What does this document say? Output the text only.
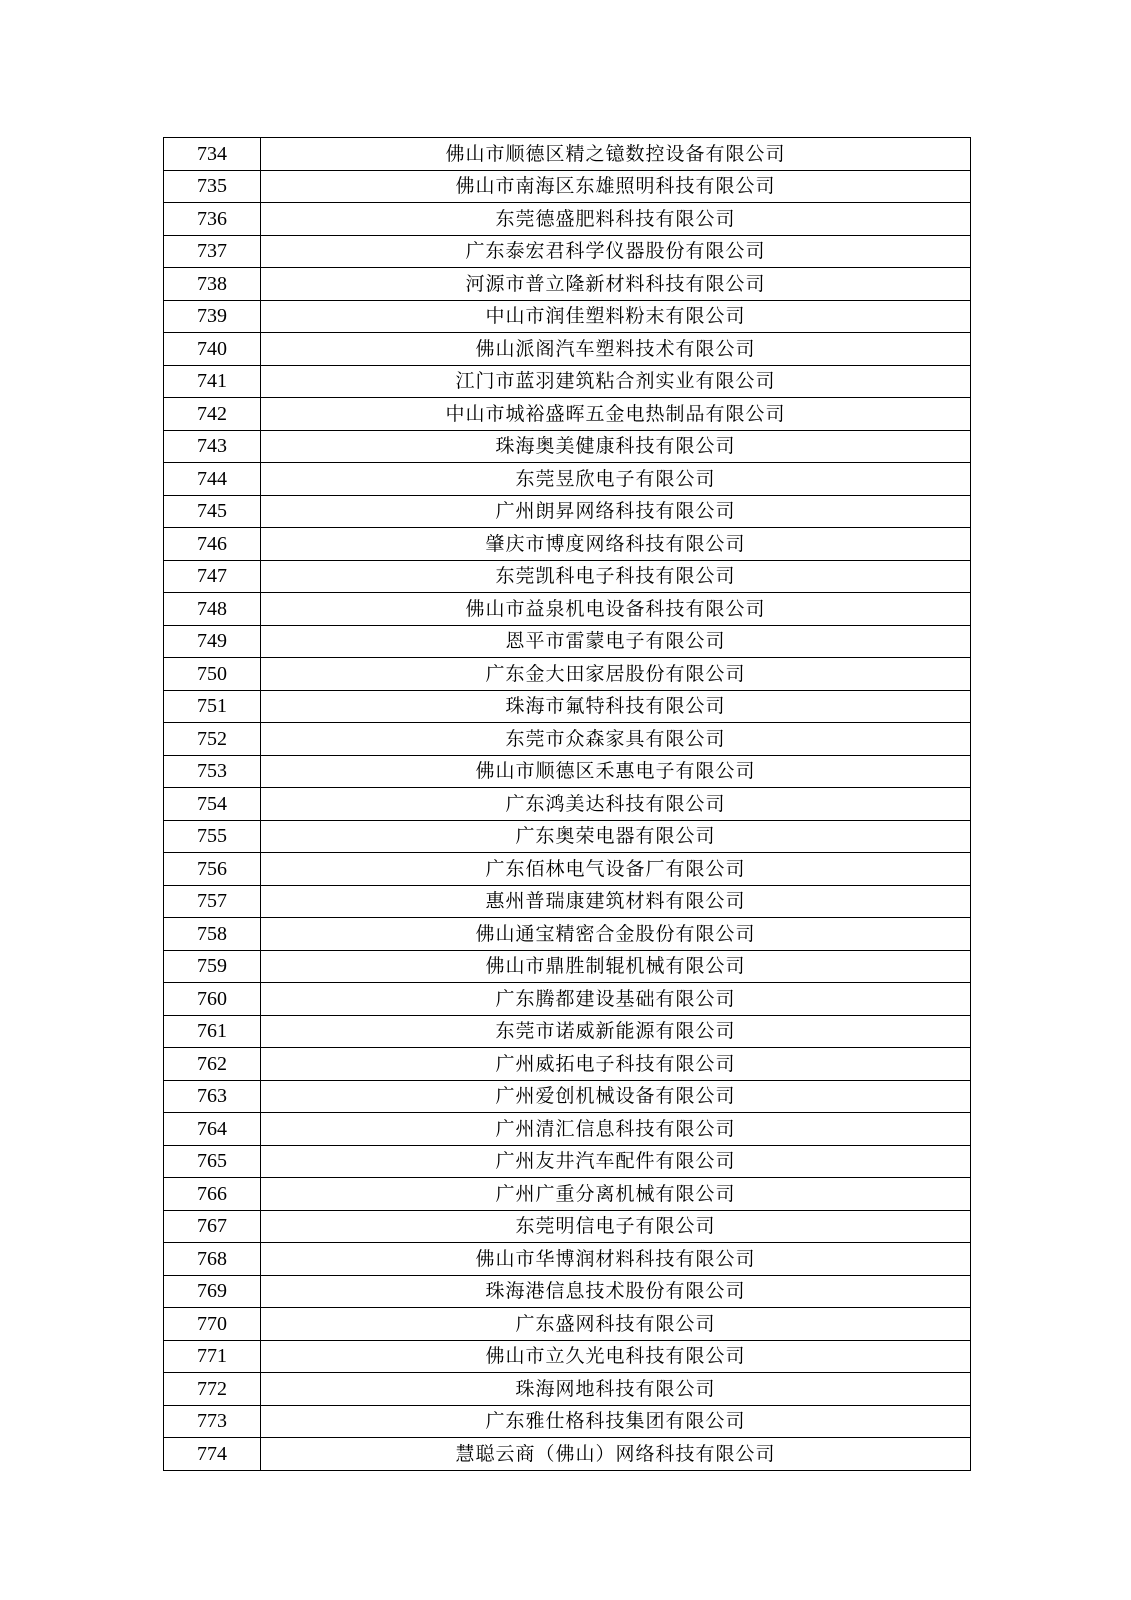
734	佛山市顺德区精之镱数控设备有限公司
735	佛山市南海区东雄照明科技有限公司
736	东莞德盛肥料科技有限公司
737	广东泰宏君科学仪器股份有限公司
738	河源市普立隆新材料科技有限公司
739	中山市润佳塑料粉末有限公司
740	佛山派阁汽车塑料技术有限公司
741	江门市蓝羽建筑粘合剂实业有限公司
742	中山市城裕盛晖五金电热制品有限公司
743	珠海奥美健康科技有限公司
744	东莞昱欣电子有限公司
745	广州朗昇网络科技有限公司
746	肇庆市博度网络科技有限公司
747	东莞凯科电子科技有限公司
748	佛山市益泉机电设备科技有限公司
749	恩平市雷蒙电子有限公司
750	广东金大田家居股份有限公司
751	珠海市氟特科技有限公司
752	东莞市众森家具有限公司
753	佛山市顺德区禾惠电子有限公司
754	广东鸿美达科技有限公司
755	广东奥荣电器有限公司
756	广东佰林电气设备厂有限公司
757	惠州普瑞康建筑材料有限公司
758	佛山通宝精密合金股份有限公司
759	佛山市鼎胜制辊机械有限公司
760	广东腾都建设基础有限公司
761	东莞市诺威新能源有限公司
762	广州威拓电子科技有限公司
763	广州爱创机械设备有限公司
764	广州清汇信息科技有限公司
765	广州友井汽车配件有限公司
766	广州广重分离机械有限公司
767	东莞明信电子有限公司
768	佛山市华博润材料科技有限公司
769	珠海港信息技术股份有限公司
770	广东盛网科技有限公司
771	佛山市立久光电科技有限公司
772	珠海网地科技有限公司
773	广东雅仕格科技集团有限公司
774	慧聪云商（佛山）网络科技有限公司
